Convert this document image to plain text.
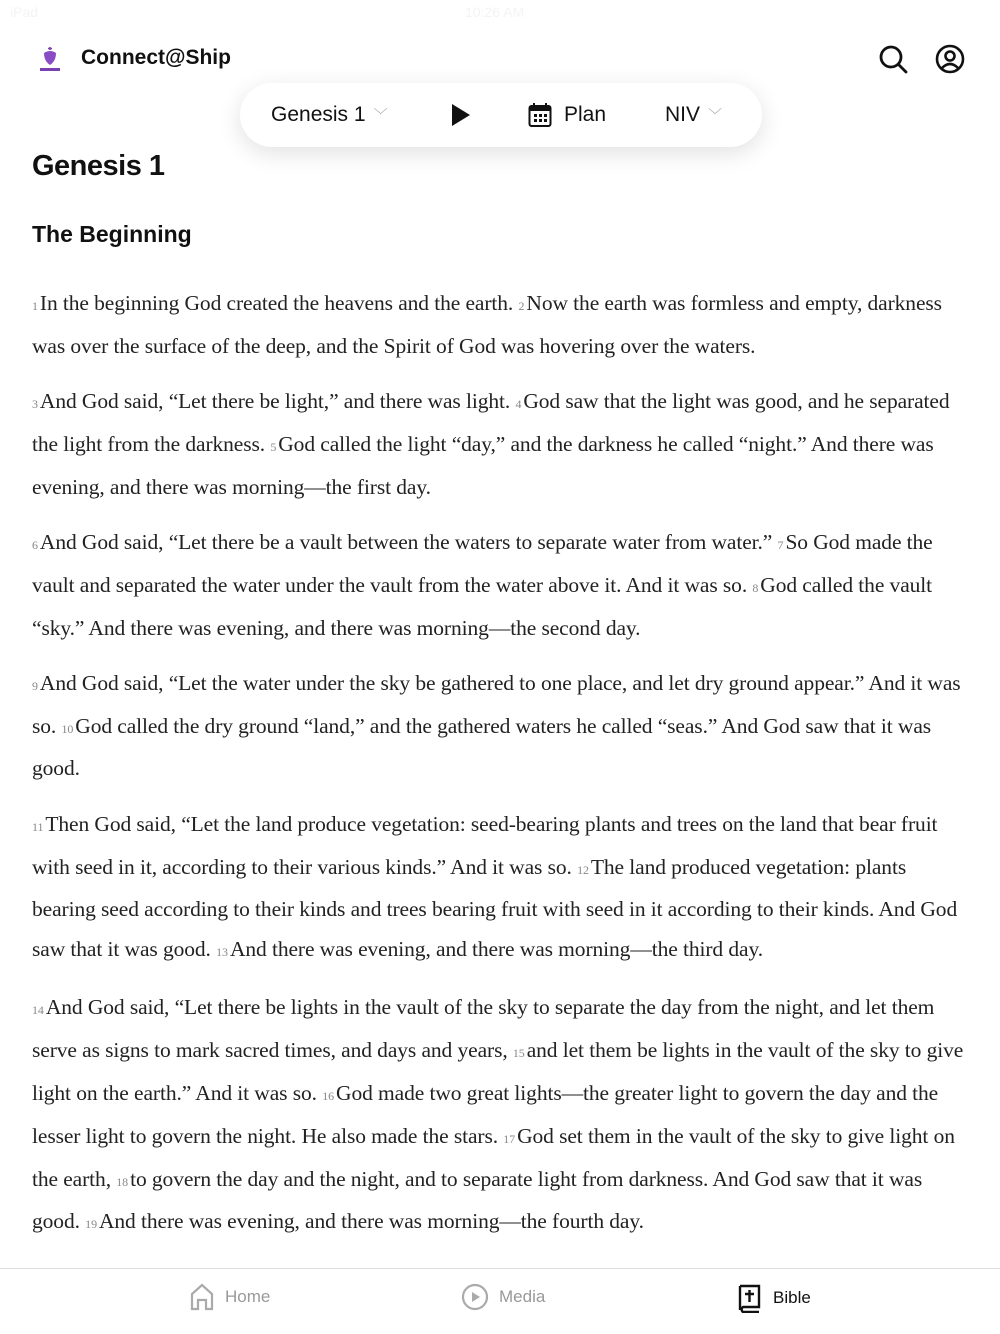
iPad	10:26 AM
Connect@Ship
Genesis 1
The Beginning

1In the beginning God created the heavens and the earth. 2Now the earth was formless and empty, darkness was over the surface of the deep, and the Spirit of God was hovering over the waters.

3And God said, “Let there be light,” and there was light. 4God saw that the light was good, and he separated the light from the darkness. 5God called the light “day,” and the darkness he called “night.” And there was evening, and there was morning—the first day.

6And God said, “Let there be a vault between the waters to separate water from water.” 7So God made the vault and separated the water under the vault from the water above it. And it was so. 8God called the vault “sky.” And there was evening, and there was morning—the second day.

9And God said, “Let the water under the sky be gathered to one place, and let dry ground appear.” And it was so. 10God called the dry ground “land,” and the gathered waters he called “seas.” And God saw that it was good.

11Then God said, “Let the land produce vegetation: seed-bearing plants and trees on the land that bear fruit with seed in it, according to their various kinds.” And it was so. 12The land produced vegetation: plants bearing seed according to their kinds and trees bearing fruit with seed in it according to their kinds. And God saw that it was good. 13And there was evening, and there was morning—the third day.

14And God said, “Let there be lights in the vault of the sky to separate the day from the night, and let them serve as signs to mark sacred times, and days and years, 15and let them be lights in the vault of the sky to give light on the earth.” And it was so. 16God made two great lights—the greater light to govern the day and the lesser light to govern the night. He also made the stars. 17God set them in the vault of the sky to give light on the earth, 18to govern the day and the night, and to separate light from darkness. And God saw that it was good. 19And there was evening, and there was morning—the fourth day.

Genesis 1 ﹀	Plan	NIV ﹀
Home	Media	Bible
